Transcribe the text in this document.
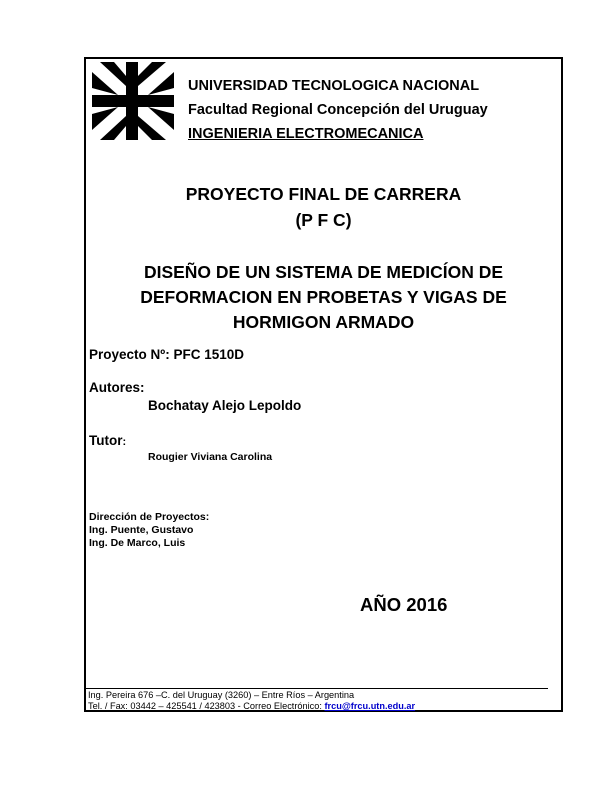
UNIVERSIDAD TECNOLOGICA NACIONAL
Facultad Regional Concepción del Uruguay
INGENIERIA ELECTROMECANICA
PROYECTO FINAL DE CARRERA
(P F C)
DISEÑO DE UN SISTEMA DE MEDICÍON DE
DEFORMACION EN PROBETAS Y VIGAS DE
HORMIGON ARMADO
Proyecto Nº: PFC 1510D
Autores:
Bochatay Alejo Lepoldo
Tutor:
Rougier Viviana Carolina
Dirección de Proyectos:
Ing. Puente, Gustavo
Ing. De Marco, Luis
AÑO 2016
Ing. Pereira 676 –C. del Uruguay (3260) – Entre Ríos – Argentina
Tel. / Fax: 03442 – 425541 / 423803 - Correo Electrónico: frcu@frcu.utn.edu.ar
